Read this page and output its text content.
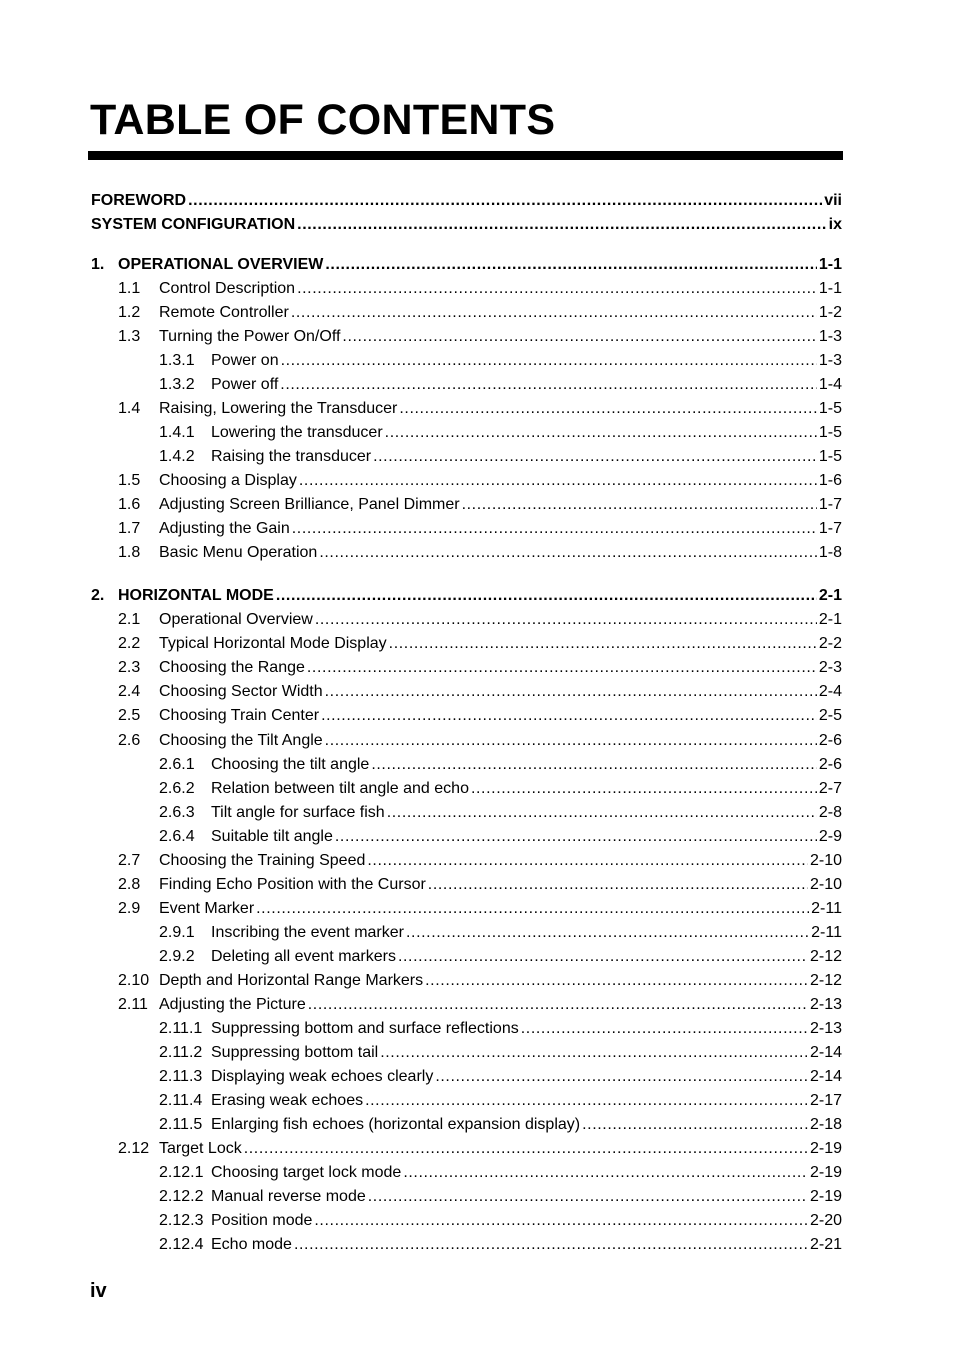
TABLE OF CONTENTS
FOREWORD .....	vii
SYSTEM CONFIGURATION .....	ix
1. OPERATIONAL OVERVIEW .....	1-1
1.1	Control Description .....	1-1
1.2	Remote Controller .....	1-2
1.3	Turning the Power On/Off .....	1-3
1.3.1	Power on .....	1-3
1.3.2	Power off .....	1-4
1.4	Raising, Lowering the Transducer .....	1-5
1.4.1	Lowering the transducer .....	1-5
1.4.2	Raising the transducer .....	1-5
1.5	Choosing a Display .....	1-6
1.6	Adjusting Screen Brilliance, Panel Dimmer .....	1-7
1.7	Adjusting the Gain .....	1-7
1.8	Basic Menu Operation .....	1-8
2. HORIZONTAL MODE .....	2-1
2.1	Operational Overview .....	2-1
2.2	Typical Horizontal Mode Display .....	2-2
2.3	Choosing the Range .....	2-3
2.4	Choosing Sector Width .....	2-4
2.5	Choosing Train Center .....	2-5
2.6	Choosing the Tilt Angle .....	2-6
2.6.1	Choosing the tilt angle .....	2-6
2.6.2	Relation between tilt angle and echo .....	2-7
2.6.3	Tilt angle for surface fish .....	2-8
2.6.4	Suitable tilt angle .....	2-9
2.7	Choosing the Training Speed .....	2-10
2.8	Finding Echo Position with the Cursor .....	2-10
2.9	Event Marker .....	2-11
2.9.1	Inscribing the event marker .....	2-11
2.9.2	Deleting all event markers .....	2-12
2.10 Depth and Horizontal Range Markers .....	2-12
2.11 Adjusting the Picture .....	2-13
2.11.1 Suppressing bottom and surface reflections .....	2-13
2.11.2 Suppressing bottom tail .....	2-14
2.11.3 Displaying weak echoes clearly .....	2-14
2.11.4 Erasing weak echoes .....	2-17
2.11.5 Enlarging fish echoes (horizontal expansion display) .....	2-18
2.12 Target Lock .....	2-19
2.12.1 Choosing target lock mode .....	2-19
2.12.2 Manual reverse mode .....	2-19
2.12.3 Position mode .....	2-20
2.12.4 Echo mode .....	2-21

iv
